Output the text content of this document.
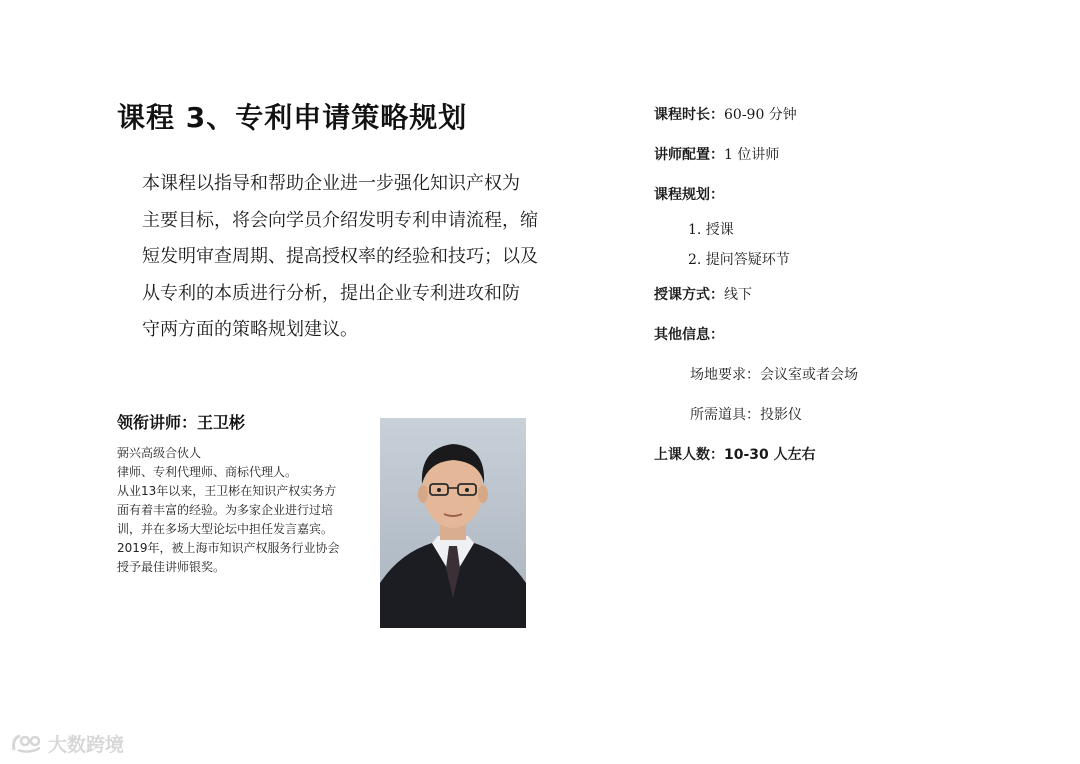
课程 3、专利申请策略规划
本课程以指导和帮助企业进一步强化知识产权为
主要目标，将会向学员介绍发明专利申请流程，缩
短发明审查周期、提高授权率的经验和技巧；以及
从专利的本质进行分析，提出企业专利进攻和防
守两方面的策略规划建议。
领衔讲师：王卫彬
弼兴高级合伙人
律师、专利代理师、商标代理人。
从业13年以来，王卫彬在知识产权实务方
面有着丰富的经验。为多家企业进行过培
训，并在多场大型论坛中担任发言嘉宾。
2019年，被上海市知识产权服务行业协会
授予最佳讲师银奖。
课程时长：60-90 分钟
讲师配置：1 位讲师
课程规划：
1. 授课
2. 提问答疑环节
授课方式：线下
其他信息：
场地要求：会议室或者会场
所需道具：投影仪
上课人数：10-30 人左右
大数跨境
